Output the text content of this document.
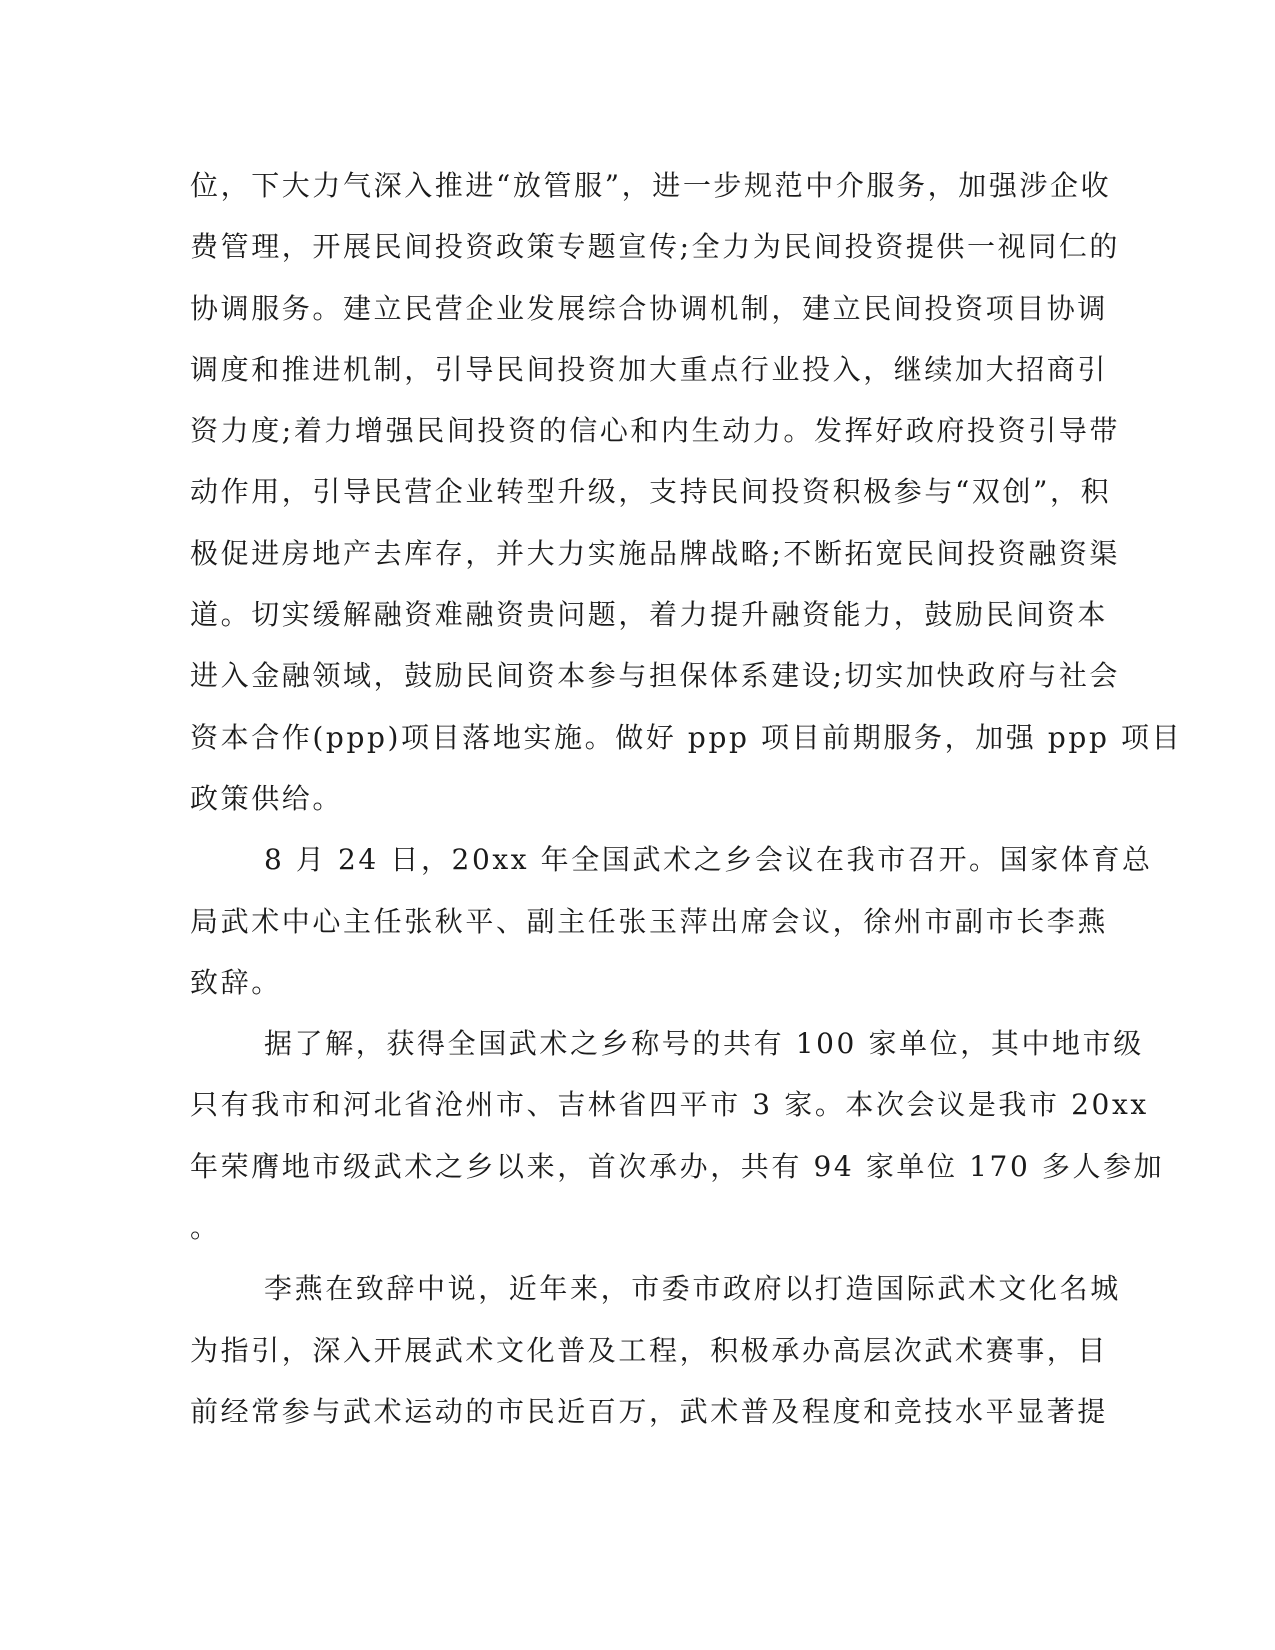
位，下大力气深入推进“放管服”，进一步规范中介服务，加强涉企收
费管理，开展民间投资政策专题宣传;全力为民间投资提供一视同仁的
协调服务。建立民营企业发展综合协调机制，建立民间投资项目协调
调度和推进机制，引导民间投资加大重点行业投入，继续加大招商引
资力度;着力增强民间投资的信心和内生动力。发挥好政府投资引导带
动作用，引导民营企业转型升级，支持民间投资积极参与“双创”，积
极促进房地产去库存，并大力实施品牌战略;不断拓宽民间投资融资渠
道。切实缓解融资难融资贵问题，着力提升融资能力，鼓励民间资本
进入金融领域，鼓励民间资本参与担保体系建设;切实加快政府与社会
资本合作(ppp)项目落地实施。做好 ppp 项目前期服务，加强 ppp 项目
政策供给。
8 月 24 日，20xx 年全国武术之乡会议在我市召开。国家体育总
局武术中心主任张秋平、副主任张玉萍出席会议，徐州市副市长李燕
致辞。
据了解，获得全国武术之乡称号的共有 100 家单位，其中地市级
只有我市和河北省沧州市、吉林省四平市 3 家。本次会议是我市 20xx
年荣膺地市级武术之乡以来，首次承办，共有 94 家单位 170 多人参加
。
李燕在致辞中说，近年来，市委市政府以打造国际武术文化名城
为指引，深入开展武术文化普及工程，积极承办高层次武术赛事，目
前经常参与武术运动的市民近百万，武术普及程度和竞技水平显著提
